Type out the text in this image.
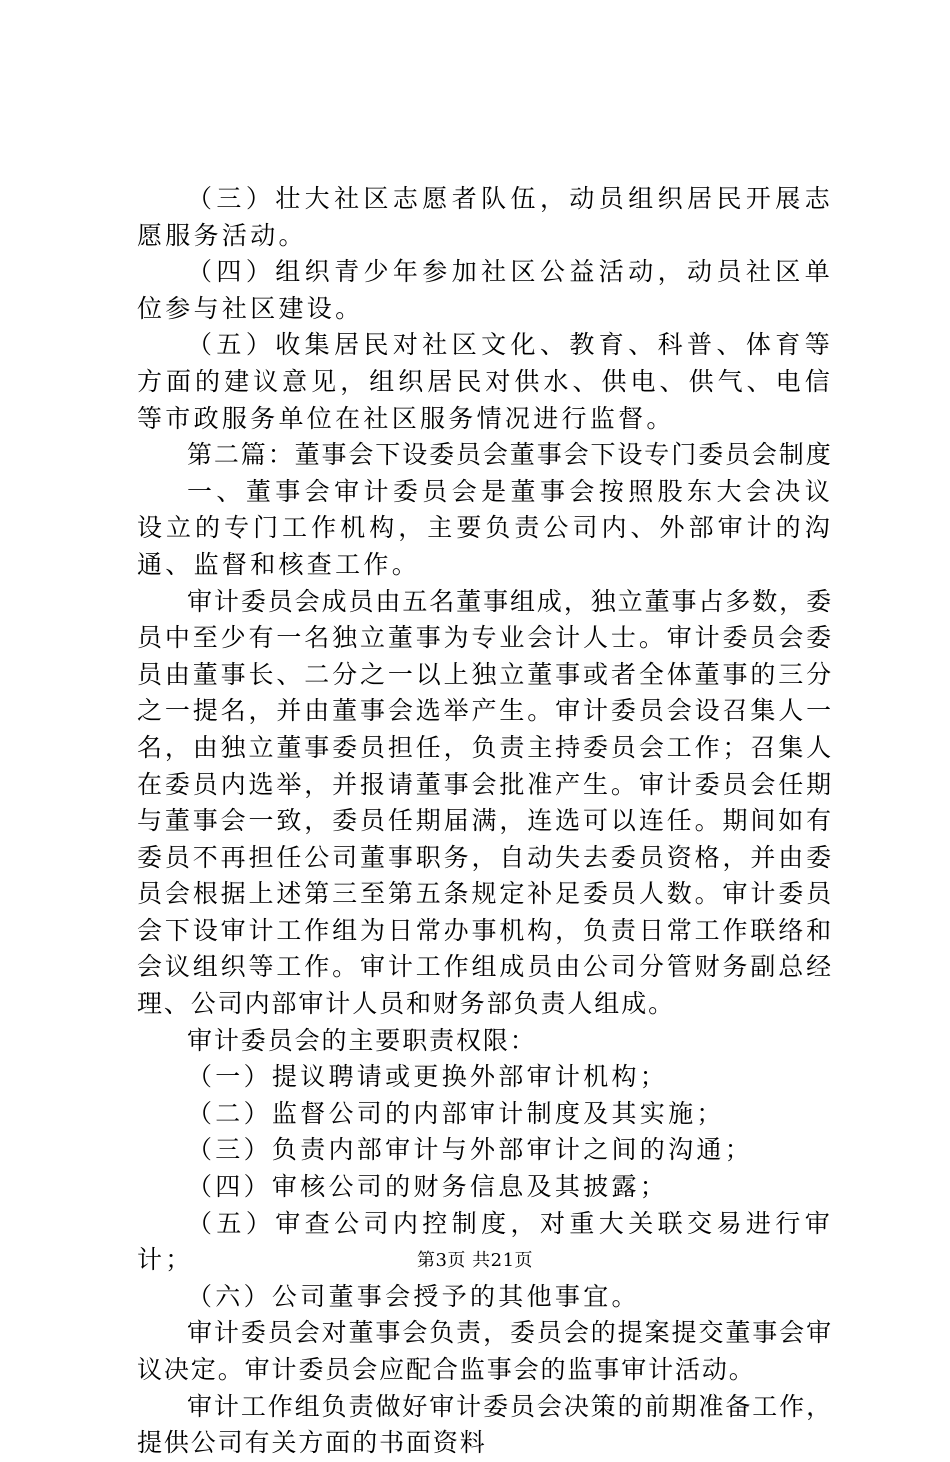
（三）壮大社区志愿者队伍，动员组织居民开展志愿服务活动。

（四）组织青少年参加社区公益活动，动员社区单位参与社区建设。

（五）收集居民对社区文化、教育、科普、体育等方面的建议意见，组织居民对供水、供电、供气、电信等市政服务单位在社区服务情况进行监督。

第二篇：董事会下设委员会董事会下设专门委员会制度

一、董事会审计委员会是董事会按照股东大会决议设立的专门工作机构，主要负责公司内、外部审计的沟通、监督和核查工作。

审计委员会成员由五名董事组成，独立董事占多数，委员中至少有一名独立董事为专业会计人士。审计委员会委员由董事长、二分之一以上独立董事或者全体董事的三分之一提名，并由董事会选举产生。审计委员会设召集人一名，由独立董事委员担任，负责主持委员会工作；召集人在委员内选举，并报请董事会批准产生。审计委员会任期与董事会一致，委员任期届满，连选可以连任。期间如有委员不再担任公司董事职务，自动失去委员资格，并由委员会根据上述第三至第五条规定补足委员人数。审计委员会下设审计工作组为日常办事机构，负责日常工作联络和会议组织等工作。审计工作组成员由公司分管财务副总经理、公司内部审计人员和财务部负责人组成。

审计委员会的主要职责权限：

（一）提议聘请或更换外部审计机构；

（二）监督公司的内部审计制度及其实施；

（三）负责内部审计与外部审计之间的沟通；

（四）审核公司的财务信息及其披露；

（五）审查公司内控制度，对重大关联交易进行审计；

（六）公司董事会授予的其他事宜。

审计委员会对董事会负责，委员会的提案提交董事会审议决定。审计委员会应配合监事会的监事审计活动。

审计工作组负责做好审计委员会决策的前期准备工作，提供公司有关方面的书面资料

第3页 共21页
